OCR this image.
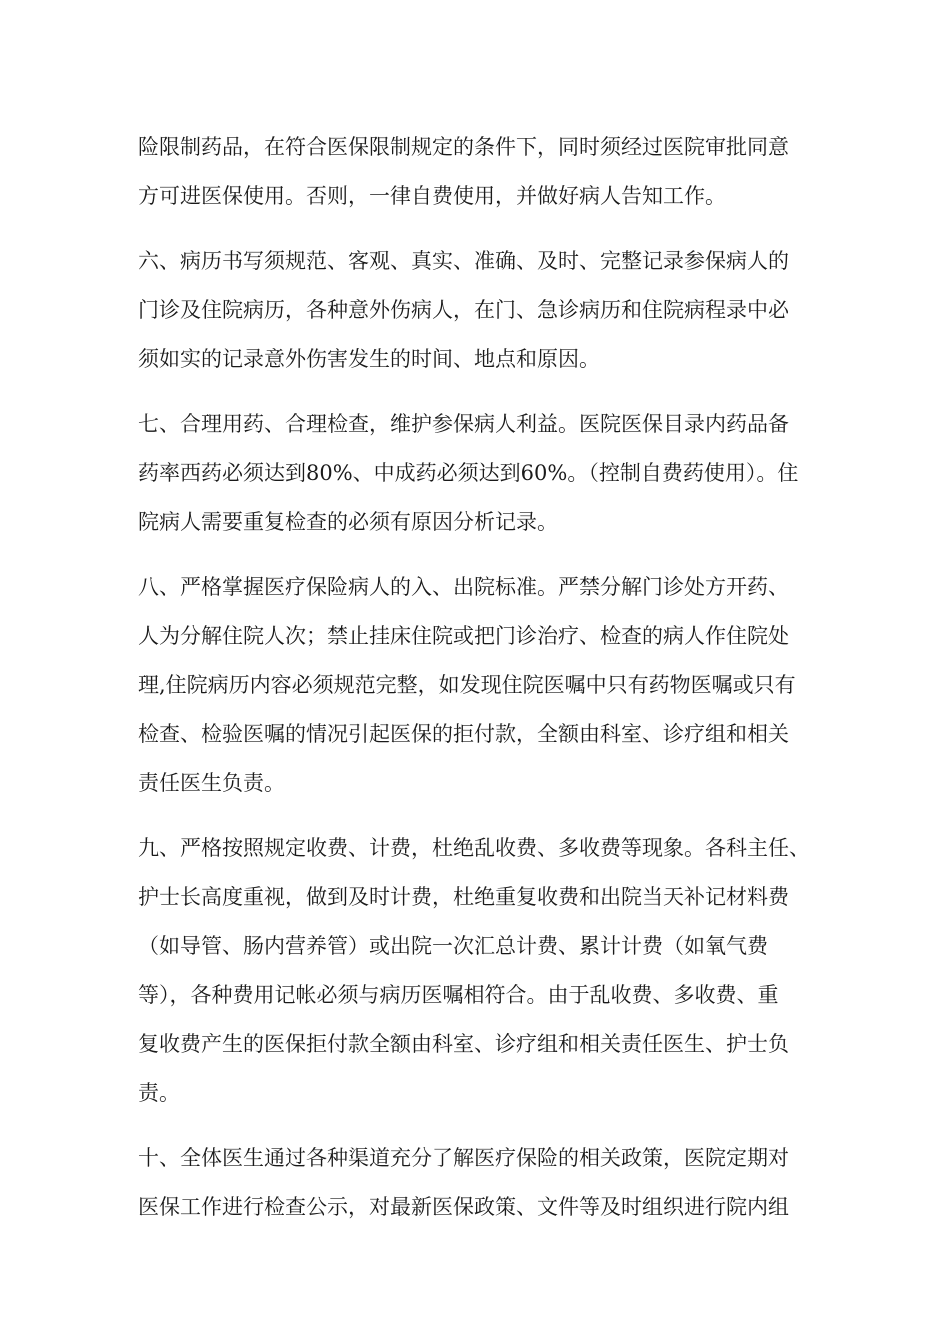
险限制药品，在符合医保限制规定的条件下，同时须经过医院审批同意
方可进医保使用。否则，一律自费使用，并做好病人告知工作。
六、病历书写须规范、客观、真实、准确、及时、完整记录参保病人的
门诊及住院病历，各种意外伤病人，在门、急诊病历和住院病程录中必
须如实的记录意外伤害发生的时间、地点和原因。
七、合理用药、合理检查，维护参保病人利益。医院医保目录内药品备
药率西药必须达到80%、中成药必须达到60%。（控制自费药使用）。住
院病人需要重复检查的必须有原因分析记录。
八、严格掌握医疗保险病人的入、出院标准。严禁分解门诊处方开药、
人为分解住院人次；禁止挂床住院或把门诊治疗、检查的病人作住院处
理,住院病历内容必须规范完整，如发现住院医嘱中只有药物医嘱或只有
检查、检验医嘱的情况引起医保的拒付款，全额由科室、诊疗组和相关
责任医生负责。
九、严格按照规定收费、计费，杜绝乱收费、多收费等现象。各科主任、
护士长高度重视，做到及时计费，杜绝重复收费和出院当天补记材料费
（如导管、肠内营养管）或出院一次汇总计费、累计计费（如氧气费
等），各种费用记帐必须与病历医嘱相符合。由于乱收费、多收费、重
复收费产生的医保拒付款全额由科室、诊疗组和相关责任医生、护士负
责。
十、全体医生通过各种渠道充分了解医疗保险的相关政策，医院定期对
医保工作进行检查公示，对最新医保政策、文件等及时组织进行院内组
